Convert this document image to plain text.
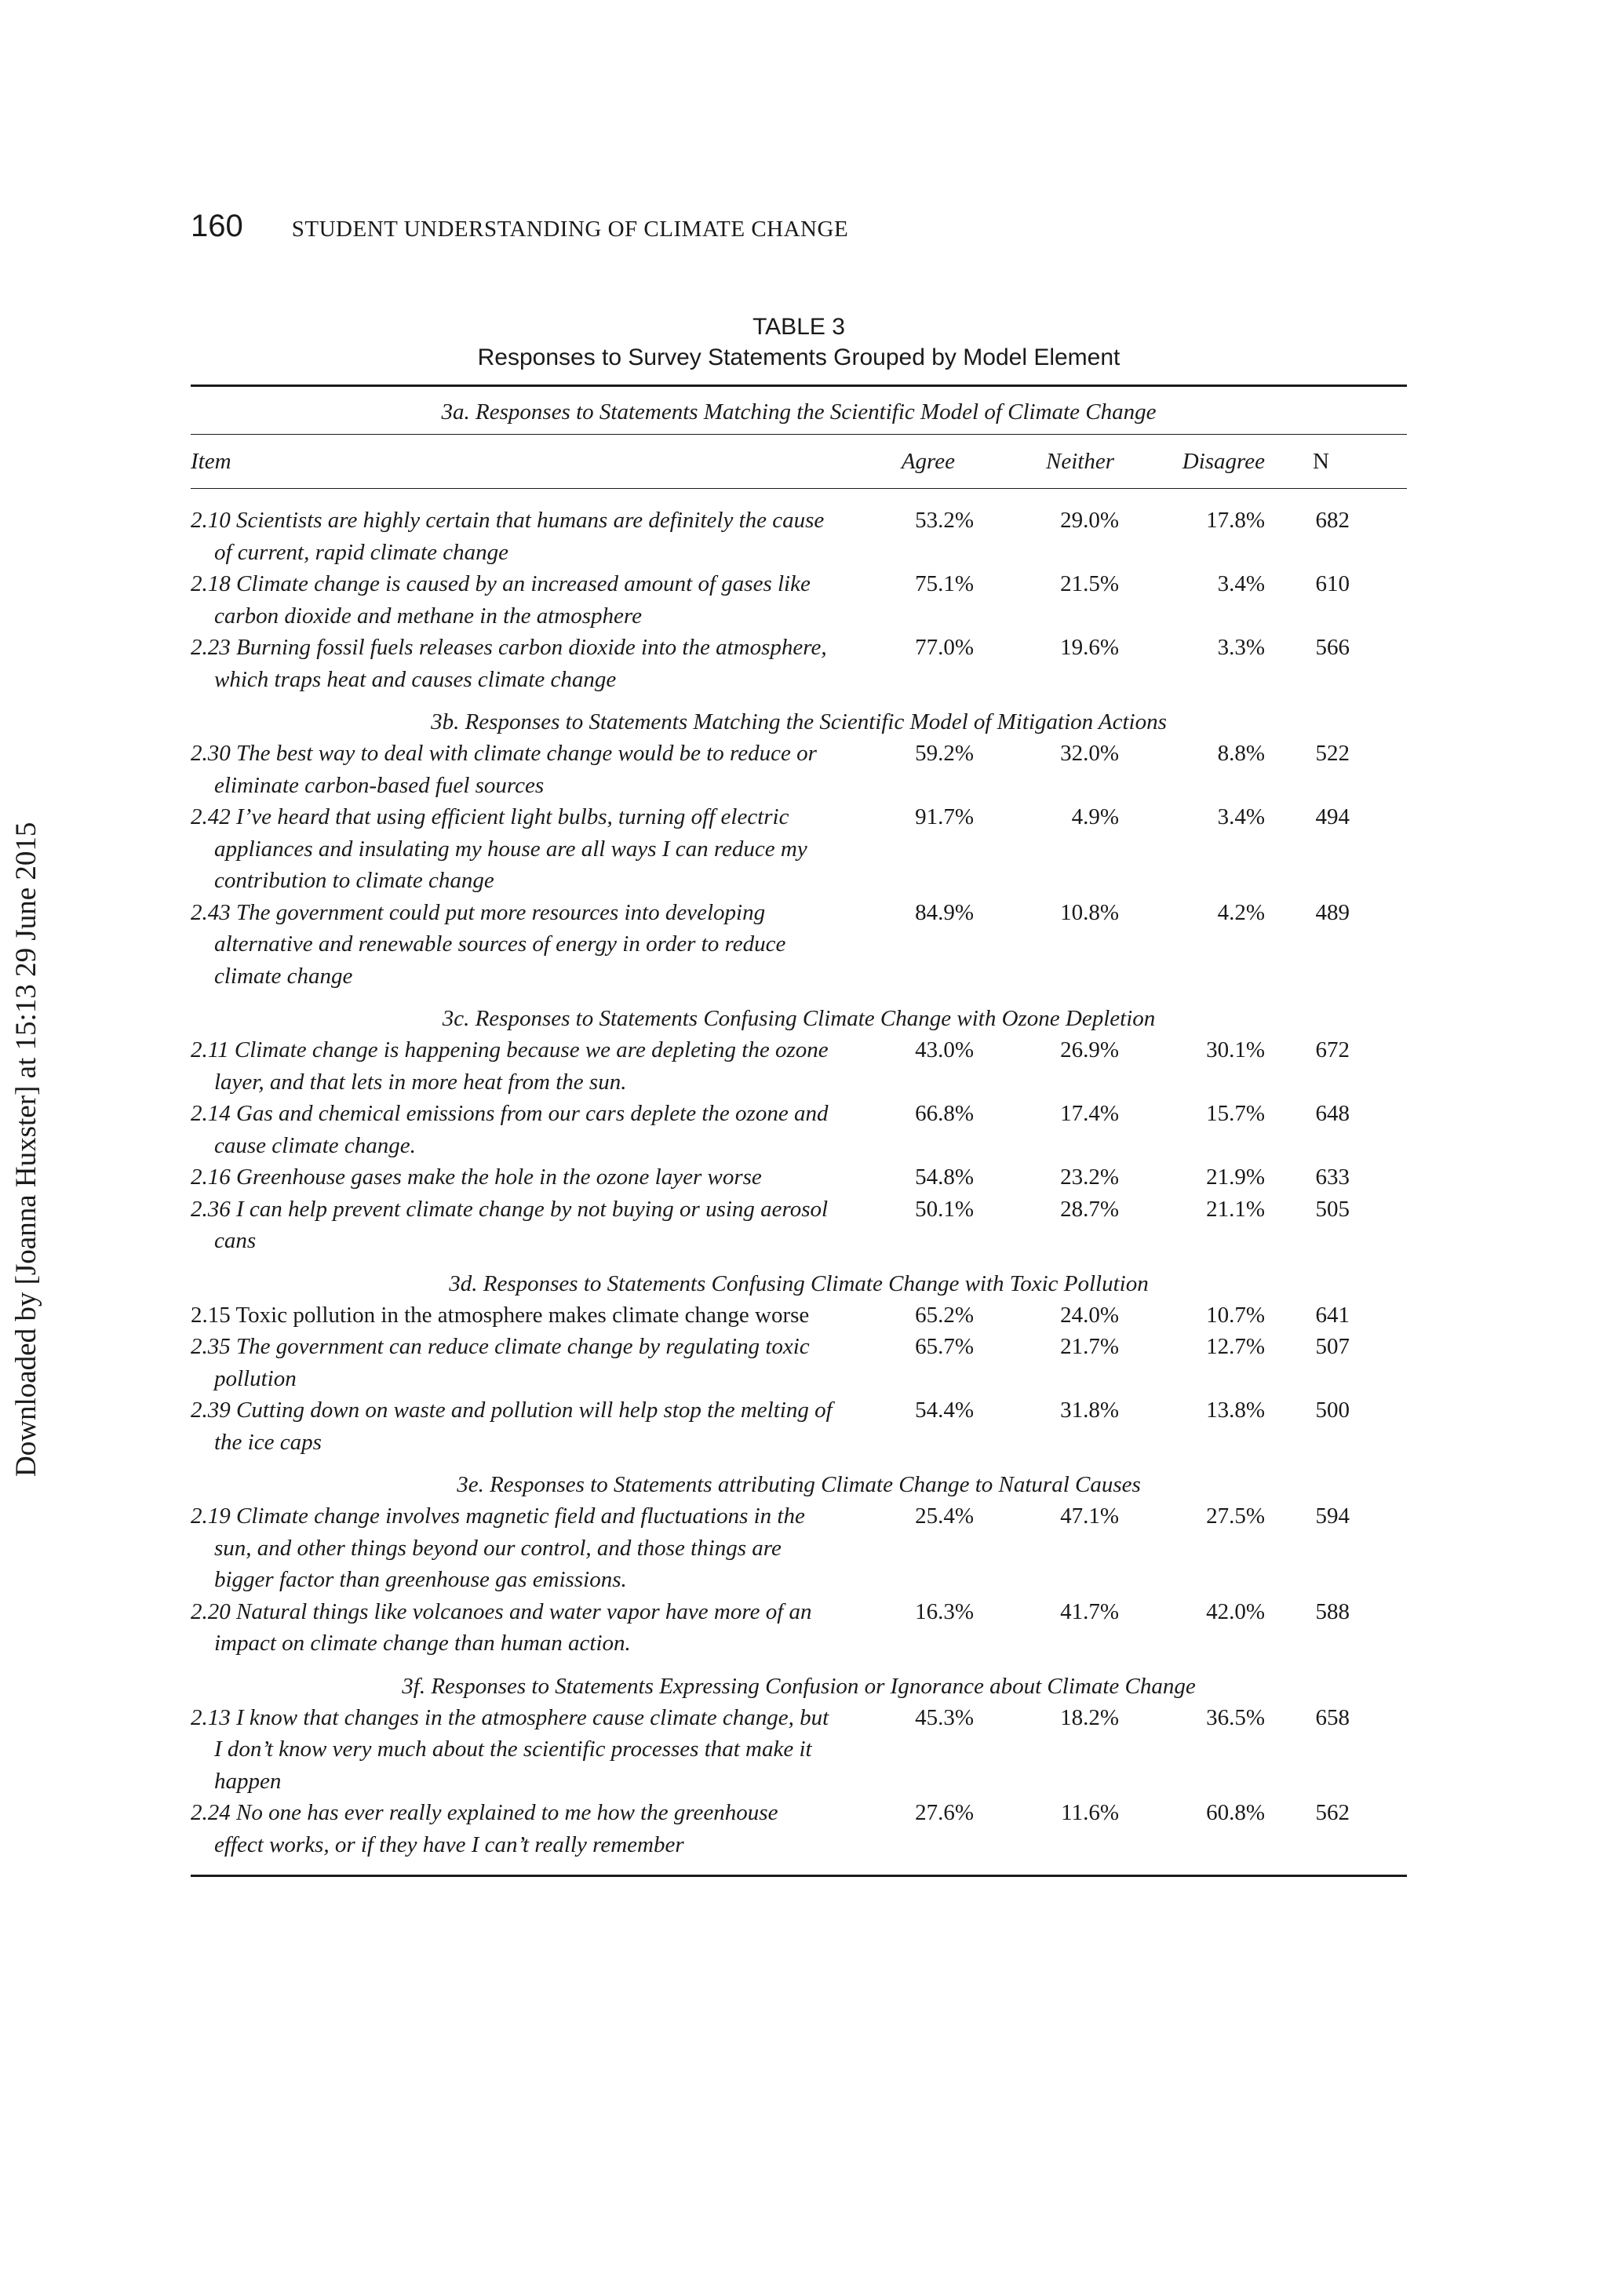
160 STUDENT UNDERSTANDING OF CLIMATE CHANGE
Downloaded by [Joanna Huxster] at 15:13 29 June 2015
TABLE 3
Responses to Survey Statements Grouped by Model Element
3a. Responses to Statements Matching the Scientific Model of Climate Change
Item	Agree	Neither	Disagree	N
2.10 Scientists are highly certain that humans are definitely the cause of current, rapid climate change
53.2%	29.0%	17.8%	682
2.18 Climate change is caused by an increased amount of gases like carbon dioxide and methane in the atmosphere
75.1%	21.5%	3.4%	610
2.23 Burning fossil fuels releases carbon dioxide into the atmosphere, which traps heat and causes climate change
77.0%	19.6%	3.3%	566
3b. Responses to Statements Matching the Scientific Model of Mitigation Actions
2.30 The best way to deal with climate change would be to reduce or eliminate carbon-based fuel sources
59.2%	32.0%	8.8%	522
2.42 I’ve heard that using efficient light bulbs, turning off electric appliances and insulating my house are all ways I can reduce my contribution to climate change
91.7%	4.9%	3.4%	494
2.43 The government could put more resources into developing alternative and renewable sources of energy in order to reduce climate change
84.9%	10.8%	4.2%	489
3c. Responses to Statements Confusing Climate Change with Ozone Depletion
2.11 Climate change is happening because we are depleting the ozone layer, and that lets in more heat from the sun.
43.0%	26.9%	30.1%	672
2.14 Gas and chemical emissions from our cars deplete the ozone and cause climate change.
66.8%	17.4%	15.7%	648
2.16 Greenhouse gases make the hole in the ozone layer worse	54.8%	23.2%	21.9%	633
2.36 I can help prevent climate change by not buying or using aerosol cans
50.1%	28.7%	21.1%	505
3d. Responses to Statements Confusing Climate Change with Toxic Pollution
2.15 Toxic pollution in the atmosphere makes climate change worse	65.2%	24.0%	10.7%	641
2.35 The government can reduce climate change by regulating toxic pollution
65.7%	21.7%	12.7%	507
2.39 Cutting down on waste and pollution will help stop the melting of the ice caps
54.4%	31.8%	13.8%	500
3e. Responses to Statements attributing Climate Change to Natural Causes
2.19 Climate change involves magnetic field and fluctuations in the sun, and other things beyond our control, and those things are bigger factor than greenhouse gas emissions.
25.4%	47.1%	27.5%	594
2.20 Natural things like volcanoes and water vapor have more of an impact on climate change than human action.
16.3%	41.7%	42.0%	588
3f. Responses to Statements Expressing Confusion or Ignorance about Climate Change
2.13 I know that changes in the atmosphere cause climate change, but I don’t know very much about the scientific processes that make it happen
45.3%	18.2%	36.5%	658
2.24 No one has ever really explained to me how the greenhouse effect works, or if they have I can’t really remember
27.6%	11.6%	60.8%	562
